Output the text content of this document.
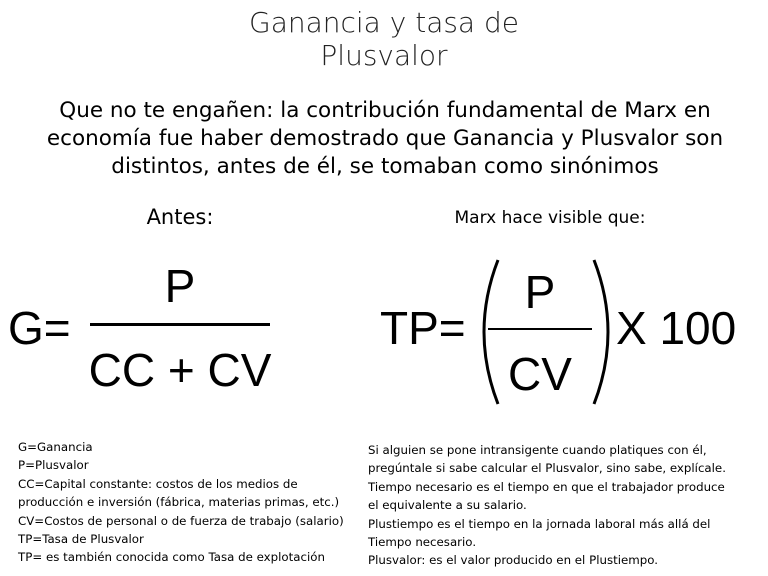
Ganancia y tasa de
Plusvalor
Que no te engañen: la contribución fundamental de Marx en economía fue haber demostrado que Ganancia y Plusvalor son distintos, antes de él, se tomaban como sinónimos
Antes:	Marx hace visible que:
G=
P
CC + CV
TP=
P
CV
X 100
G=Ganancia
P=Plusvalor
CC=Capital constante: costos de los medios de
producción e inversión (fábrica, materias primas, etc.)
CV=Costos de personal o de fuerza de trabajo (salario)
TP=Tasa de Plusvalor
TP= es también conocida como Tasa de explotación
Si alguien se pone intransigente cuando platiques con él,
pregúntale si sabe calcular el Plusvalor, sino sabe, explícale.
Tiempo necesario es el tiempo en que el trabajador produce
el equivalente a su salario.
Plustiempo es el tiempo en la jornada laboral más allá del
Tiempo necesario.
Plusvalor: es el valor producido en el Plustiempo.
